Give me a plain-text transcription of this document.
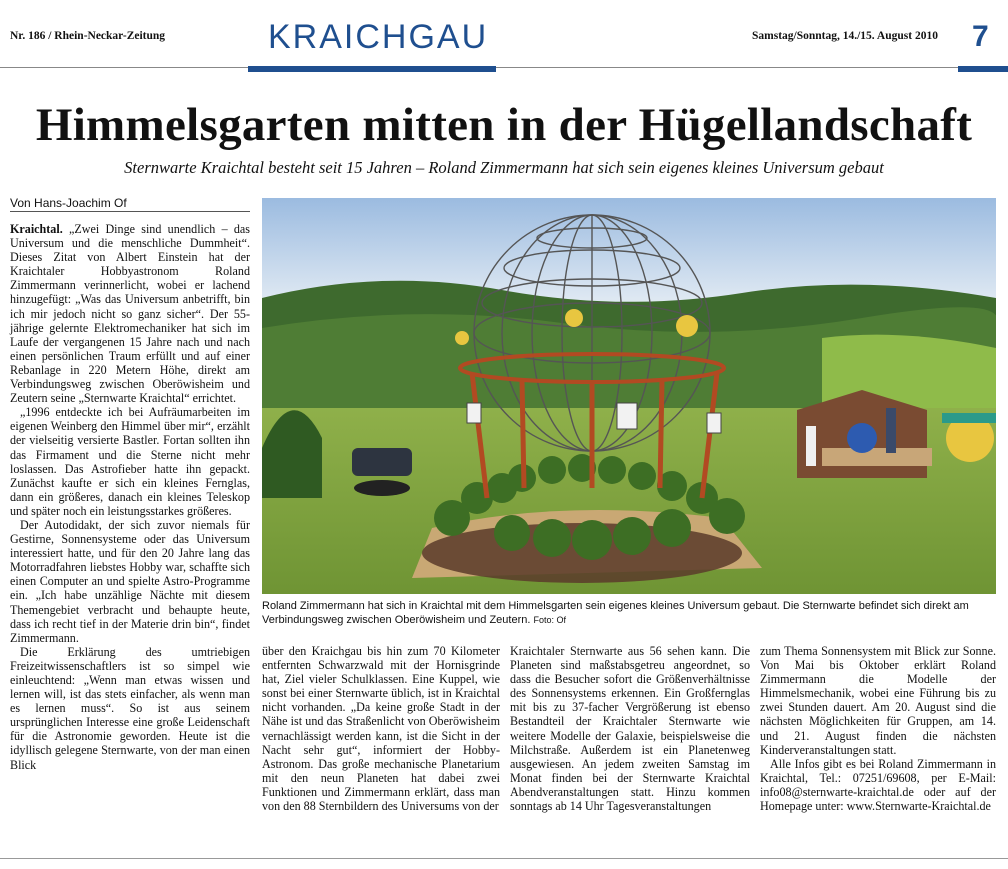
Nr. 186 / Rhein-Neckar-Zeitung	KRAICHGAU	Samstag/Sonntag, 14./15. August 2010 7
Himmelsgarten mitten in der Hügellandschaft
Sternwarte Kraichtal besteht seit 15 Jahren – Roland Zimmermann hat sich sein eigenes kleines Universum gebaut
Von Hans-Joachim Of

Kraichtal. „Zwei Dinge sind unendlich – das Universum und die menschliche Dummheit“. Dieses Zitat von Albert Einstein hat der Kraichtaler Hobbyastronom Roland Zimmermann verinnerlicht, wobei er lachend hinzugefügt: „Was das Universum anbetrifft, bin ich mir jedoch nicht so ganz sicher“. Der 55-jährige gelernte Elektromechaniker hat sich im Laufe der vergangenen 15 Jahre nach und nach einen persönlichen Traum erfüllt und auf einer Rebanlage in 220 Metern Höhe, direkt am Verbindungsweg zwischen Oberöwisheim und Zeutern seine „Sternwarte Kraichtal“ errichtet.

„1996 entdeckte ich bei Aufräumarbeiten im eigenen Weinberg den Himmel über mir“, erzählt der vielseitig versierte Bastler. Fortan sollten ihn das Firmament und die Sterne nicht mehr loslassen. Das Astrofieber hatte ihn gepackt. Zunächst kaufte er sich ein kleines Fernglas, dann ein größeres, danach ein kleines Teleskop und später noch ein leistungsstarkes größeres.

Der Autodidakt, der sich zuvor niemals für Gestirne, Sonnensysteme oder das Universum interessiert hatte, und für den 20 Jahre lang das Motorradfahren liebstes Hobby war, schaffte sich einen Computer an und spielte Astro-Programme ein. „Ich habe unzählige Nächte mit diesem Themengebiet verbracht und behaupte heute, dass ich recht tief in der Materie drin bin“, findet Zimmermann.

Die Erklärung des umtriebigen Freizeitwissenschaftlers ist so simpel wie einleuchtend: „Wenn man etwas wissen und lernen will, ist das stets einfacher, als wenn man es lernen muss“. So ist aus seinem ursprünglichen Interesse eine große Leidenschaft für die Astronomie geworden. Heute ist die idyllisch gelegene Sternwarte, von der man einen Blick

Roland Zimmermann hat sich in Kraichtal mit dem Himmelsgarten sein eigenes kleines Universum gebaut. Die Sternwarte befindet sich direkt am Verbindungsweg zwischen Oberöwisheim und Zeutern. Foto: Of

über den Kraichgau bis hin zum 70 Kilometer entfernten Schwarzwald mit der Hornisgrinde hat, Ziel vieler Schulklassen. Eine Kuppel, wie sonst bei einer Sternwarte üblich, ist in Kraichtal nicht vorhanden. „Da keine große Stadt in der Nähe ist und das Straßenlicht von Oberöwisheim vernachlässigt werden kann, ist die Sicht in der Nacht sehr gut“, informiert der Hobby-Astronom. Das große mechanische Planetarium mit den neun Planeten hat dabei zwei Funktionen und Zimmermann erklärt, dass man von den 88 Sternbildern des Universums von der

Kraichtaler Sternwarte aus 56 sehen kann. Die Planeten sind maßstabsgetreu angeordnet, so dass die Besucher sofort die Größenverhältnisse des Sonnensystems erkennen. Ein Großfernglas mit bis zu 37-facher Vergrößerung ist ebenso Bestandteil der Kraichtaler Sternwarte wie weitere Modelle der Galaxie, beispielsweise die Milchstraße. Außerdem ist ein Planetenweg ausgewiesen. An jedem zweiten Samstag im Monat finden bei der Sternwarte Kraichtal Abendveranstaltungen statt. Hinzu kommen sonntags ab 14 Uhr Tagesveranstaltungen

zum Thema Sonnensystem mit Blick zur Sonne. Von Mai bis Oktober erklärt Roland Zimmermann die Modelle der Himmelsmechanik, wobei eine Führung bis zu zwei Stunden dauert. Am 20. August sind die nächsten Möglichkeiten für Gruppen, am 14. und 21. August finden die nächsten Kinderveranstaltungen statt.

Alle Infos gibt es bei Roland Zimmermann in Kraichtal, Tel.: 07251/69608, per E-Mail: info08@sternwarte-kraichtal.de oder auf der Homepage unter: www.Sternwarte-Kraichtal.de
